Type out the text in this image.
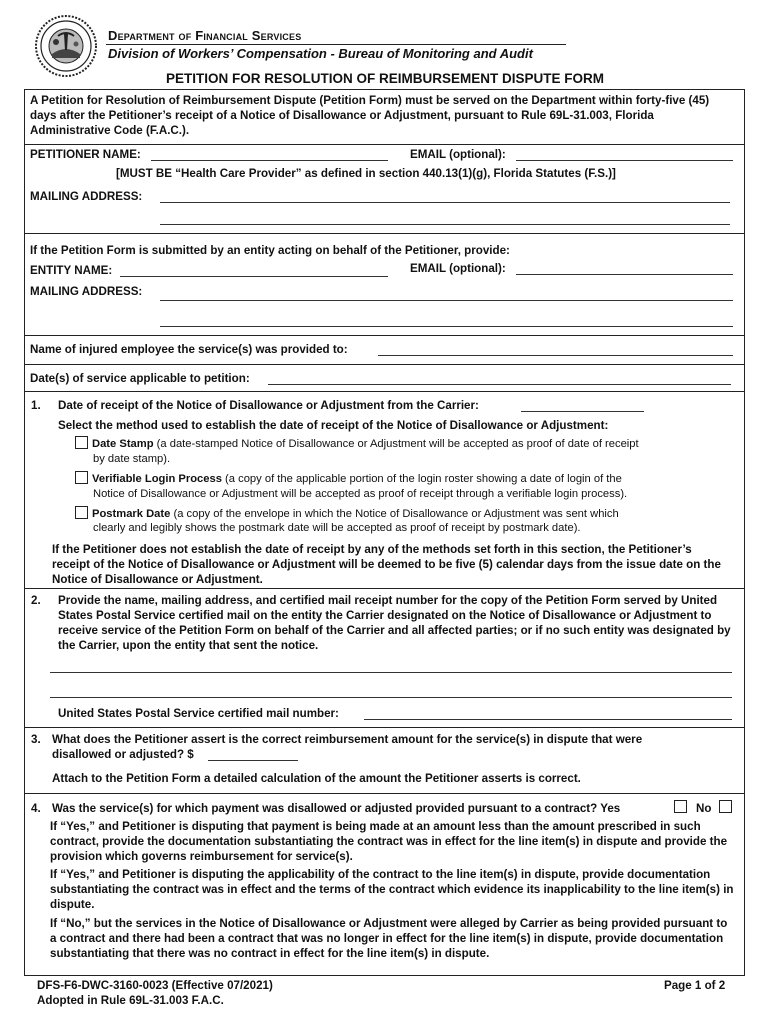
Department of Financial Services
Division of Workers’ Compensation - Bureau of Monitoring and Audit
PETITION FOR RESOLUTION OF REIMBURSEMENT DISPUTE FORM
A Petition for Resolution of Reimbursement Dispute (Petition Form) must be served on the Department within forty-five (45) days after the Petitioner’s receipt of a Notice of Disallowance or Adjustment, pursuant to Rule 69L-31.003, Florida Administrative Code (F.A.C.).
PETITIONER NAME:	EMAIL (optional):
[MUST BE “Health Care Provider” as defined in section 440.13(1)(g), Florida Statutes (F.S.)]
MAILING ADDRESS:
If the Petition Form is submitted by an entity acting on behalf of the Petitioner, provide:
ENTITY NAME:	EMAIL (optional):
MAILING ADDRESS:
Name of injured employee the service(s) was provided to:
Date(s) of service applicable to petition:
1. Date of receipt of the Notice of Disallowance or Adjustment from the Carrier:
Select the method used to establish the date of receipt of the Notice of Disallowance or Adjustment:
Date Stamp (a date-stamped Notice of Disallowance or Adjustment will be accepted as proof of date of receipt
by date stamp).
Verifiable Login Process (a copy of the applicable portion of the login roster showing a date of login of the
Notice of Disallowance or Adjustment will be accepted as proof of receipt through a verifiable login process).
Postmark Date (a copy of the envelope in which the Notice of Disallowance or Adjustment was sent which
clearly and legibly shows the postmark date will be accepted as proof of receipt by postmark date).
If the Petitioner does not establish the date of receipt by any of the methods set forth in this section, the Petitioner’s receipt of the Notice of Disallowance or Adjustment will be deemed to be five (5) calendar days from the issue date on the Notice of Disallowance or Adjustment.
2. Provide the name, mailing address, and certified mail receipt number for the copy of the Petition Form served by United States Postal Service certified mail on the entity the Carrier designated on the Notice of Disallowance or Adjustment to receive service of the Petition Form on behalf of the Carrier and all affected parties; or if no such entity was designated by the Carrier, upon the entity that sent the notice.
United States Postal Service certified mail number:
3. What does the Petitioner assert is the correct reimbursement amount for the service(s) in dispute that were
disallowed or adjusted? $
Attach to the Petition Form a detailed calculation of the amount the Petitioner asserts is correct.
4. Was the service(s) for which payment was disallowed or adjusted provided pursuant to a contract? Yes	No
If “Yes,” and Petitioner is disputing that payment is being made at an amount less than the amount prescribed in such contract, provide the documentation substantiating the contract was in effect for the line item(s) in dispute and provide the provision which governs reimbursement for service(s).
If “Yes,” and Petitioner is disputing the applicability of the contract to the line item(s) in dispute, provide documentation substantiating the contract was in effect and the terms of the contract which evidence its inapplicability to the line item(s) in dispute.
If “No,” but the services in the Notice of Disallowance or Adjustment were alleged by Carrier as being provided pursuant to a contract and there had been a contract that was no longer in effect for the line item(s) in dispute, provide documentation substantiating that there was no contract in effect for the line item(s) in dispute.
DFS-F6-DWC-3160-0023 (Effective 07/2021)
Adopted in Rule 69L-31.003 F.A.C.
Page 1 of 2
